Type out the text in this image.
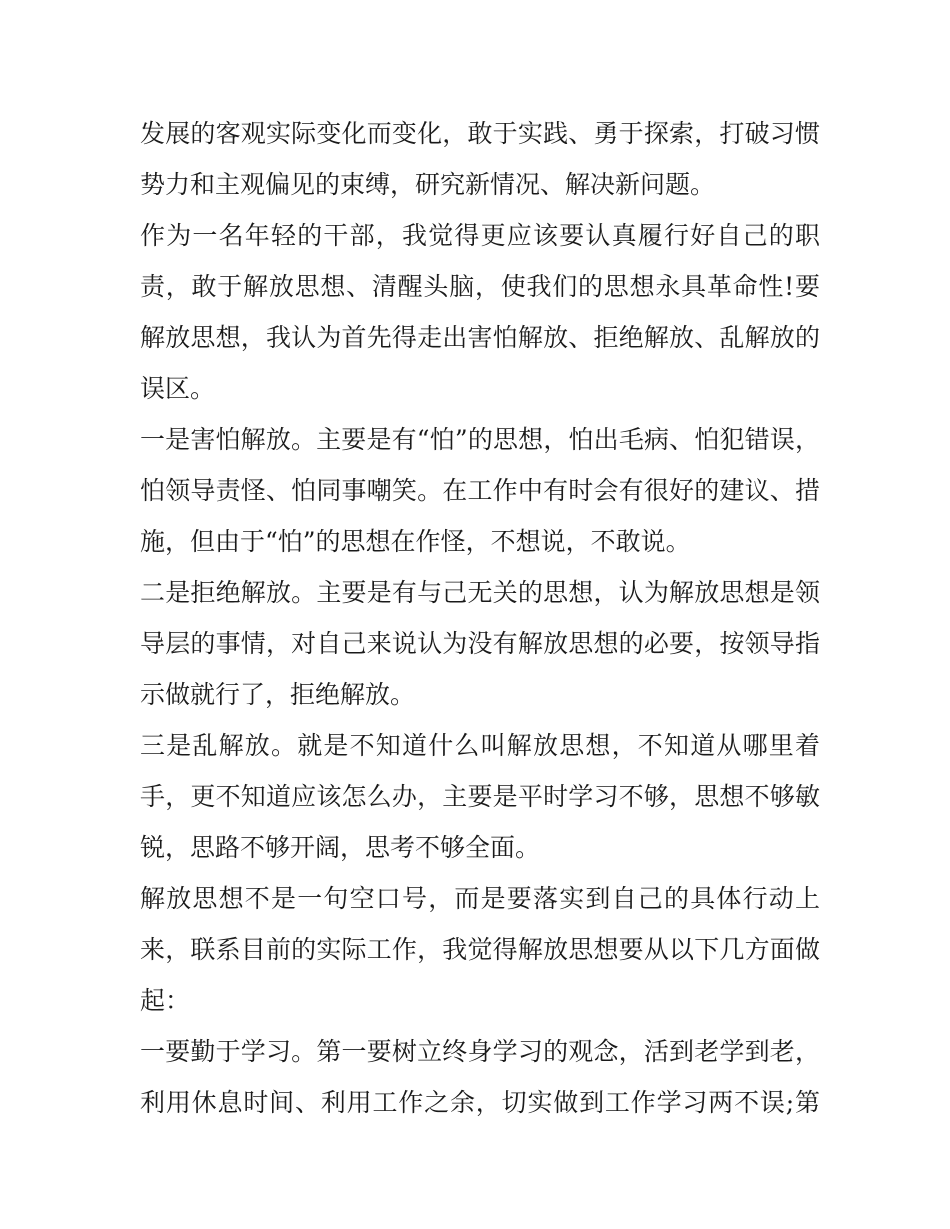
发展的客观实际变化而变化，敢于实践、勇于探索，打破习惯
势力和主观偏见的束缚，研究新情况、解决新问题。
作为一名年轻的干部，我觉得更应该要认真履行好自己的职
责，敢于解放思想、清醒头脑，使我们的思想永具革命性!要
解放思想，我认为首先得走出害怕解放、拒绝解放、乱解放的
误区。
一是害怕解放。主要是有“怕”的思想，怕出毛病、怕犯错误，
怕领导责怪、怕同事嘲笑。在工作中有时会有很好的建议、措
施，但由于“怕”的思想在作怪，不想说，不敢说。
二是拒绝解放。主要是有与己无关的思想，认为解放思想是领
导层的事情，对自己来说认为没有解放思想的必要，按领导指
示做就行了，拒绝解放。
三是乱解放。就是不知道什么叫解放思想，不知道从哪里着
手，更不知道应该怎么办，主要是平时学习不够，思想不够敏
锐，思路不够开阔，思考不够全面。
解放思想不是一句空口号，而是要落实到自己的具体行动上
来，联系目前的实际工作，我觉得解放思想要从以下几方面做
起：
一要勤于学习。第一要树立终身学习的观念，活到老学到老，
利用休息时间、利用工作之余，切实做到工作学习两不误;第
